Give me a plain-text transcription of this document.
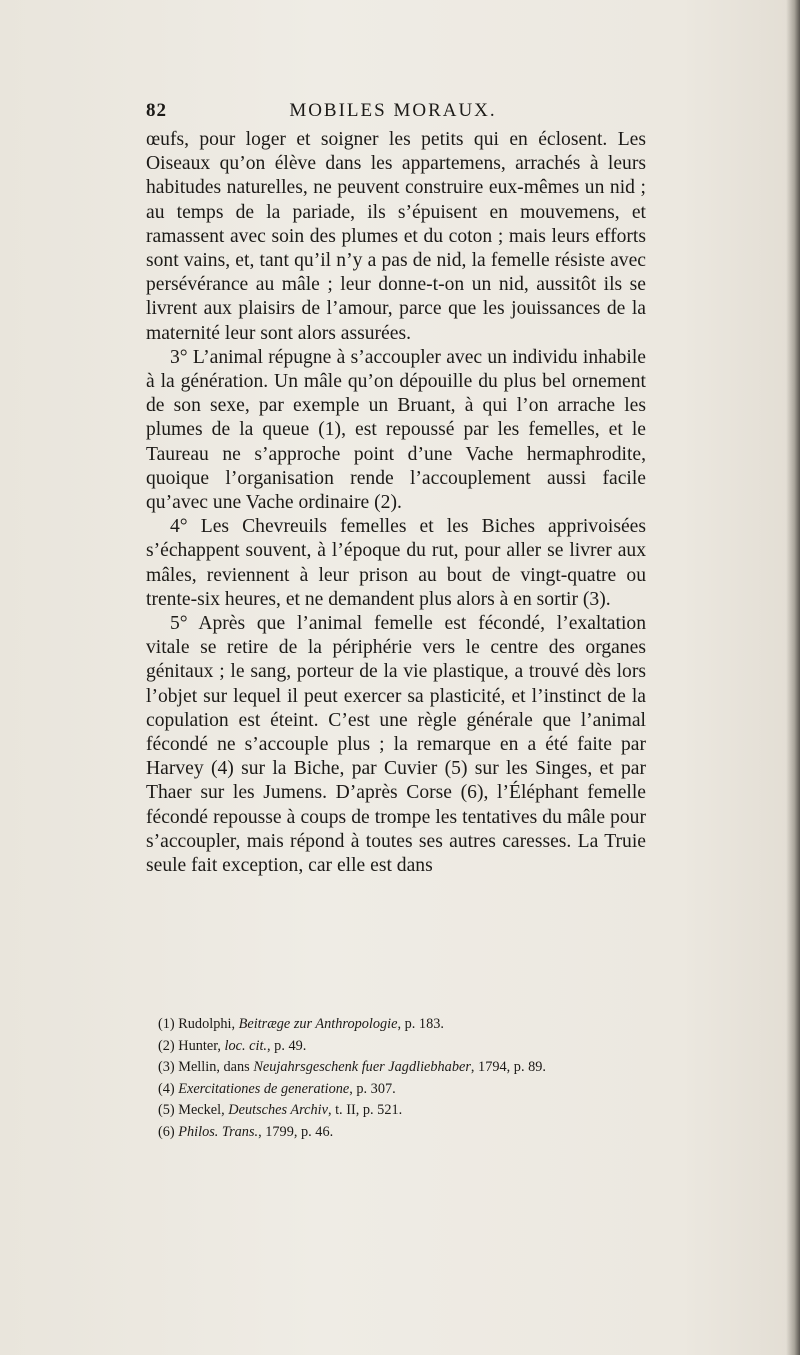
82	MOBILES MORAUX.

œufs, pour loger et soigner les petits qui en éclosent. Les Oiseaux qu’on élève dans les appartemens, arrachés à leurs habitudes naturelles, ne peuvent construire eux-mêmes un nid ; au temps de la pariade, ils s’épuisent en mouvemens, et ramassent avec soin des plumes et du coton ; mais leurs efforts sont vains, et, tant qu’il n’y a pas de nid, la femelle résiste avec persévérance au mâle ; leur donne-t-on un nid, aussitôt ils se livrent aux plaisirs de l’amour, parce que les jouissances de la maternité leur sont alors assurées.

3° L’animal répugne à s’accoupler avec un individu inhabile à la génération. Un mâle qu’on dépouille du plus bel ornement de son sexe, par exemple un Bruant, à qui l’on arrache les plumes de la queue (1), est repoussé par les femelles, et le Taureau ne s’approche point d’une Vache hermaphrodite, quoique l’organisation rende l’accouplement aussi facile qu’avec une Vache ordinaire (2).

4° Les Chevreuils femelles et les Biches apprivoisées s’échappent souvent, à l’époque du rut, pour aller se livrer aux mâles, reviennent à leur prison au bout de vingt-quatre ou trente-six heures, et ne demandent plus alors à en sortir (3).

5° Après que l’animal femelle est fécondé, l’exaltation vitale se retire de la périphérie vers le centre des organes génitaux ; le sang, porteur de la vie plastique, a trouvé dès lors l’objet sur lequel il peut exercer sa plasticité, et l’instinct de la copulation est éteint. C’est une règle générale que l’animal fécondé ne s’accouple plus ; la remarque en a été faite par Harvey (4) sur la Biche, par Cuvier (5) sur les Singes, et par Thaer sur les Jumens. D’après Corse (6), l’Éléphant femelle fécondé repousse à coups de trompe les tentatives du mâle pour s’accoupler, mais répond à toutes ses autres caresses. La Truie seule fait exception, car elle est dans

(1) Rudolphi, Beitræge zur Anthropologie, p. 183.
(2) Hunter, loc. cit., p. 49.
(3) Mellin, dans Neujahrsgeschenk fuer Jagdliebhaber, 1794, p. 89.
(4) Exercitationes de generatione, p. 307.
(5) Meckel, Deutsches Archiv, t. II, p. 521.
(6) Philos. Trans., 1799, p. 46.
